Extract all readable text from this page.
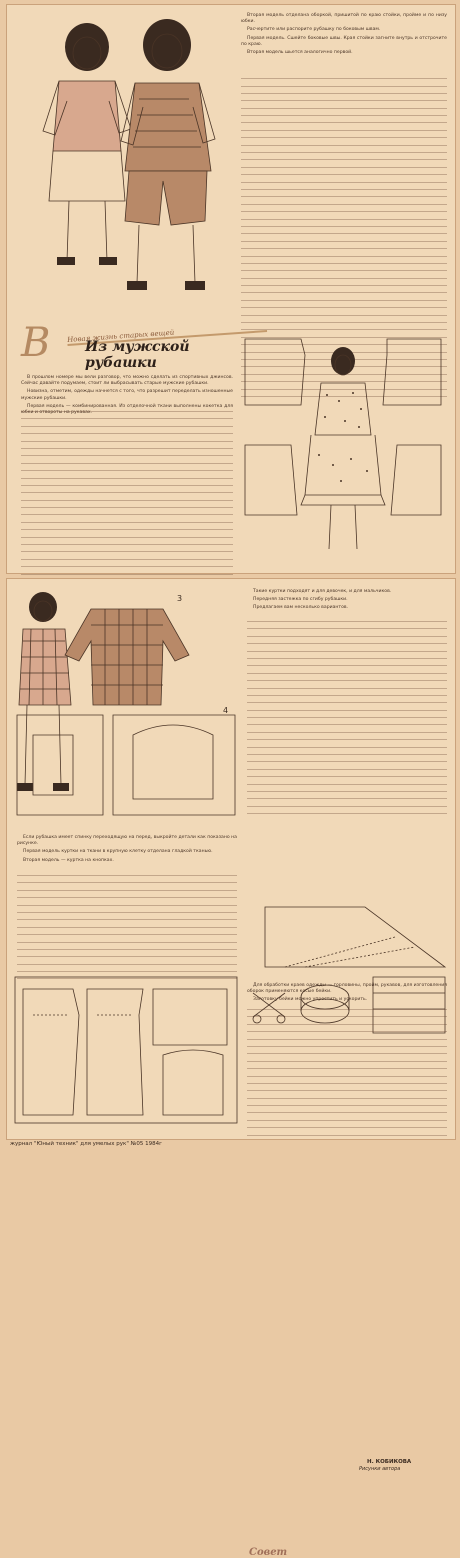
Вторая модель отделана оборкой, пришитой по краю стойки, пройме и по низу юбки.

Расчертите или распорите рубашку по боковым швам.

Первая модель. Сшейте боковые швы. Края стойки загните внутрь и отстрочите по краю.

Вторая модель шьется аналогично первой.

В	Новая жизнь старых вещей
Из мужской рубашки

В прошлом номере мы вели разговор, что можно сделать из спортивных джинсов. Сейчас давайте подумаем, стоит ли выбрасывать старые мужские рубашки.

Новизна, отметим, одежды начнется с того, что разрешит переделать изношенные мужские рубашки.

Первая модель — комбинированная. Из отделочной ткани выполнены кокетка для юбки и отвороты на рукавах.

3
4

Если рубашка имеет спинку переходящую на перед, выкройте детали как показано на рисунке.

Первая модель куртки на ткани в крупную клетку отделана гладкой тканью.

Вторая модель — куртка на кнопках.

Такие куртки подходят и для девочек, и для мальчиков.

Передняя застежка по сгибу рубашки.

Предлагаем вам несколько вариантов.

Н. КОБИКОВА
Рисунки автора
Совет

Для обработки краев одежды — горловины, пройм, рукавов, для изготовления оборок применяются косые бейки.

Заготовку бейки можно упростить и ускорить.

журнал "Юный техник" для умелых рук" №05 1984г
